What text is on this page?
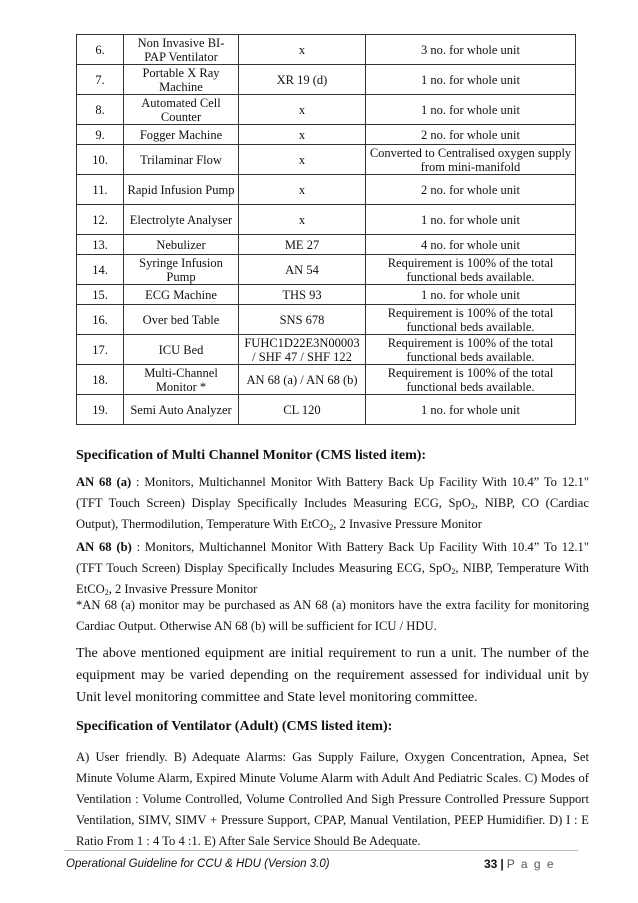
6.	Non Invasive BI-PAP Ventilator	x	3 no. for whole unit
7.	Portable X Ray Machine	XR 19 (d)	1 no. for whole unit
8.	Automated Cell Counter	x	1 no. for whole unit
9.	Fogger Machine	x	2 no. for whole unit
10.	Trilaminar Flow	x	Converted to Centralised oxygen supply from mini-manifold
11.	Rapid Infusion Pump	x	2 no. for whole unit
12.	Electrolyte Analyser	x	1 no. for whole unit
13.	Nebulizer	ME 27	4 no. for whole unit
14.	Syringe Infusion Pump	AN 54	Requirement is 100% of the total functional beds available.
15.	ECG Machine	THS 93	1 no. for whole unit
16.	Over bed Table	SNS 678	Requirement is 100% of the total functional beds available.
17.	ICU Bed	FUHC1D22E3N00003 / SHF 47 / SHF 122	Requirement is 100% of the total functional beds available.
18.	Multi-Channel Monitor *	AN 68 (a) / AN 68 (b)	Requirement is 100% of the total functional beds available.
19.	Semi Auto Analyzer	CL 120	1 no. for whole unit

Specification of Multi Channel Monitor (CMS listed item):

AN 68 (a) : Monitors, Multichannel Monitor With Battery Back Up Facility With 10.4” To 12.1" (TFT Touch Screen) Display Specifically Includes Measuring ECG, SpO$_2$, NIBP, CO (Cardiac Output), Thermodilution, Temperature With EtCO$_2$, 2 Invasive Pressure Monitor

AN 68 (b) : Monitors, Multichannel Monitor With Battery Back Up Facility With 10.4” To 12.1" (TFT Touch Screen) Display Specifically Includes Measuring ECG, SpO$_2$, NIBP, Temperature With EtCO$_2$, 2 Invasive Pressure Monitor

*AN 68 (a) monitor may be purchased as AN 68 (a) monitors have the extra facility for monitoring Cardiac Output. Otherwise AN 68 (b) will be sufficient for ICU / HDU.

The above mentioned equipment are initial requirement to run a unit. The number of the equipment may be varied depending on the requirement assessed for individual unit by Unit level monitoring committee and State level monitoring committee.

Specification of Ventilator (Adult) (CMS listed item):

A) User friendly. B) Adequate Alarms: Gas Supply Failure, Oxygen Concentration, Apnea, Set Minute Volume Alarm, Expired Minute Volume Alarm with Adult And Pediatric Scales. C) Modes of Ventilation : Volume Controlled, Volume Controlled And Sigh Pressure Controlled Pressure Support Ventilation, SIMV, SIMV + Pressure Support, CPAP, Manual Ventilation, PEEP Humidifier. D) I : E Ratio From 1 : 4 To 4 :1. E) After Sale Service Should Be Adequate.

Operational Guideline for CCU & HDU (Version 3.0)	33 | P a g e
